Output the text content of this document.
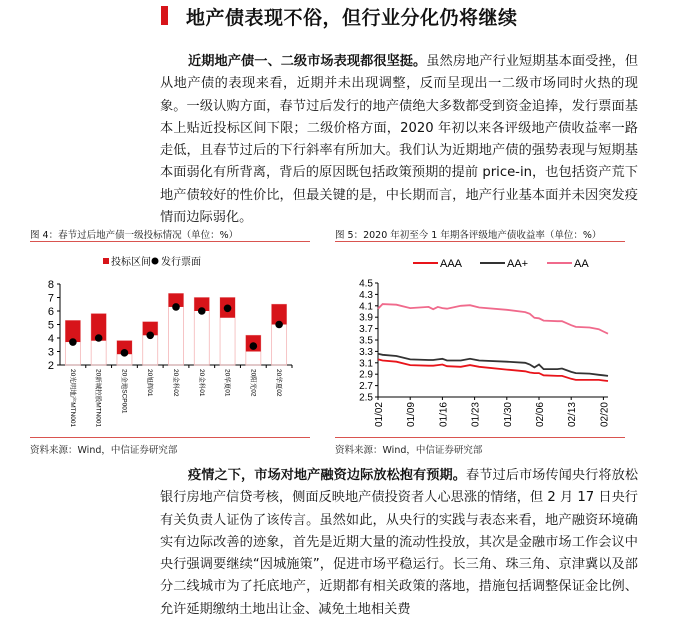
地产债表现不俗，但行业分化仍将继续
近期地产债一、二级市场表现都很坚挺。虽然房地产行业短期基本面受挫，但从地产债的表现来看，近期并未出现调整，反而呈现出一二级市场同时火热的现象。一级认购方面，春节过后发行的地产债绝大多数都受到资金追捧，发行票面基本上贴近投标区间下限；二级价格方面，2020 年初以来各评级地产债收益率一路走低，且春节过后的下行斜率有所加大。我们认为近期地产债的强势表现与短期基本面弱化有所背离，背后的原因既包括政策预期的提前 price-in，也包括资产荒下地产债较好的性价比，但最关键的是，中长期而言，地产行业基本面并未因突发疫情而边际弱化。
图 4：春节过后地产债一级投标情况（单位：%）
投标区间 发行票面
2
3
4
5
6
7
8
20光明地产MTN001	20新城控股MTN001	20金地SCP001	20旭辉01	20金科02	20金科01	20华夏01	20阳光02	20华夏02
资料来源：Wind，中信证券研究部
图 5：2020 年初至今 1 年期各评级地产债收益率（单位：%）
AAA	AA+	AA
2.5
2.7
2.9
3.1
3.3
3.5
3.7
3.9
4.1
4.3
4.5
01/02 01/09 01/16 01/23 01/30 02/06 02/13 02/20
资料来源：Wind，中信证券研究部
疫情之下，市场对地产融资边际放松抱有预期。春节过后市场传闻央行将放松银行房地产信贷考核，侧面反映地产债投资者人心思涨的情绪，但 2 月 17 日央行有关负责人证伪了该传言。虽然如此，从央行的实践与表态来看，地产融资环境确实有边际改善的迹象，首先是近期大量的流动性投放，其次是金融市场工作会议中央行强调要继续“因城施策”，促进市场平稳运行。长三角、珠三角、京津冀以及部分二线城市为了托底地产，近期都有相关政策的落地，措施包括调整保证金比例、允许延期缴纳土地出让金、减免土地相关费
